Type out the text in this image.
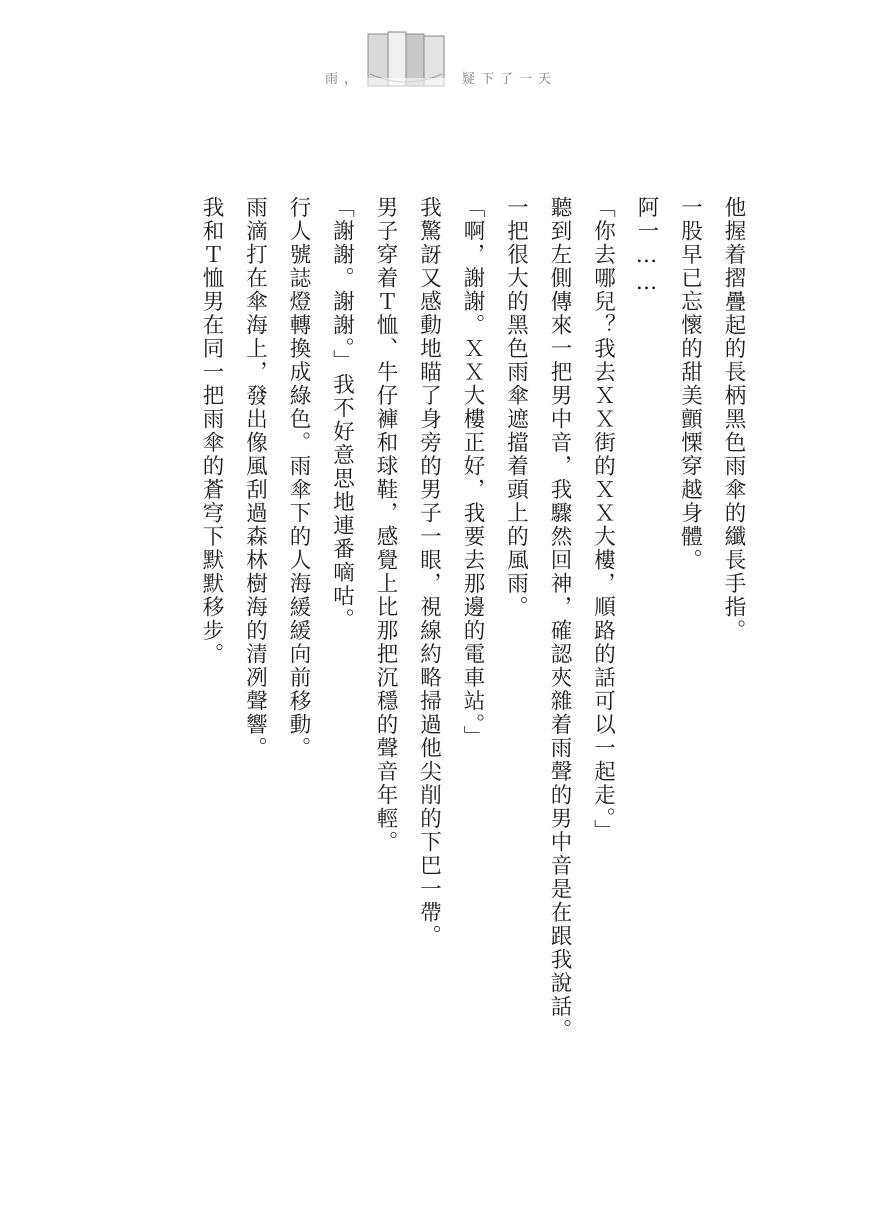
雨，	疑下了一天

他握着摺疊起的長柄黑色雨傘的纖長手指。

一股早已忘懷的甜美顫慄穿越身體。

阿一……

「你去哪兒？我去ＸＸ街的ＸＸ大樓，順路的話可以一起走。」

聽到左側傳來一把男中音，我驟然回神，確認夾雜着雨聲的男中音是在跟我說話。

一把很大的黑色雨傘遮擋着頭上的風雨。

「啊，謝謝。ＸＸ大樓正好，我要去那邊的電車站。」

我驚訝又感動地瞄了身旁的男子一眼，視線約略掃過他尖削的下巴一帶。

男子穿着Ｔ恤、牛仔褲和球鞋，感覺上比那把沉穩的聲音年輕。

「謝謝。謝謝。」我不好意思地連番嘀咕。

行人號誌燈轉換成綠色。雨傘下的人海緩緩向前移動。

雨滴打在傘海上，發出像風刮過森林樹海的清冽聲響。

我和Ｔ恤男在同一把雨傘的蒼穹下默默移步。
